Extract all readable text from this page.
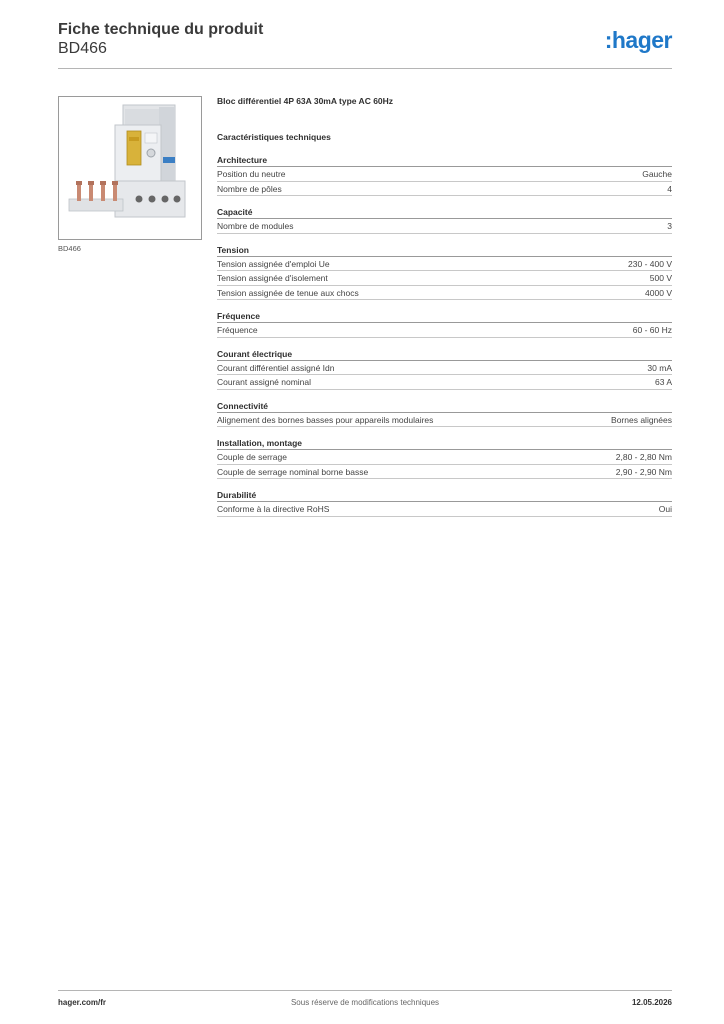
Fiche technique du produit
BD466	:hager
BD466
Bloc différentiel 4P 63A 30mA type AC 60Hz
Caractéristiques techniques
Architecture
Position du neutre	Gauche
Nombre de pôles	4
Capacité
Nombre de modules	3
Tension
Tension assignée d'emploi Ue	230 - 400 V
Tension assignée d'isolement	500 V
Tension assignée de tenue aux chocs	4000 V
Fréquence
Fréquence	60 - 60 Hz
Courant électrique
Courant différentiel assigné Idn	30 mA
Courant assigné nominal	63 A
Connectivité
Alignement des bornes basses pour appareils modulaires	Bornes alignées
Installation, montage
Couple de serrage	2,80 - 2,80 Nm
Couple de serrage nominal borne basse	2,90 - 2,90 Nm
Durabilité
Conforme à la directive RoHS	Oui
hager.com/fr	Sous réserve de modifications techniques	12.05.2026
